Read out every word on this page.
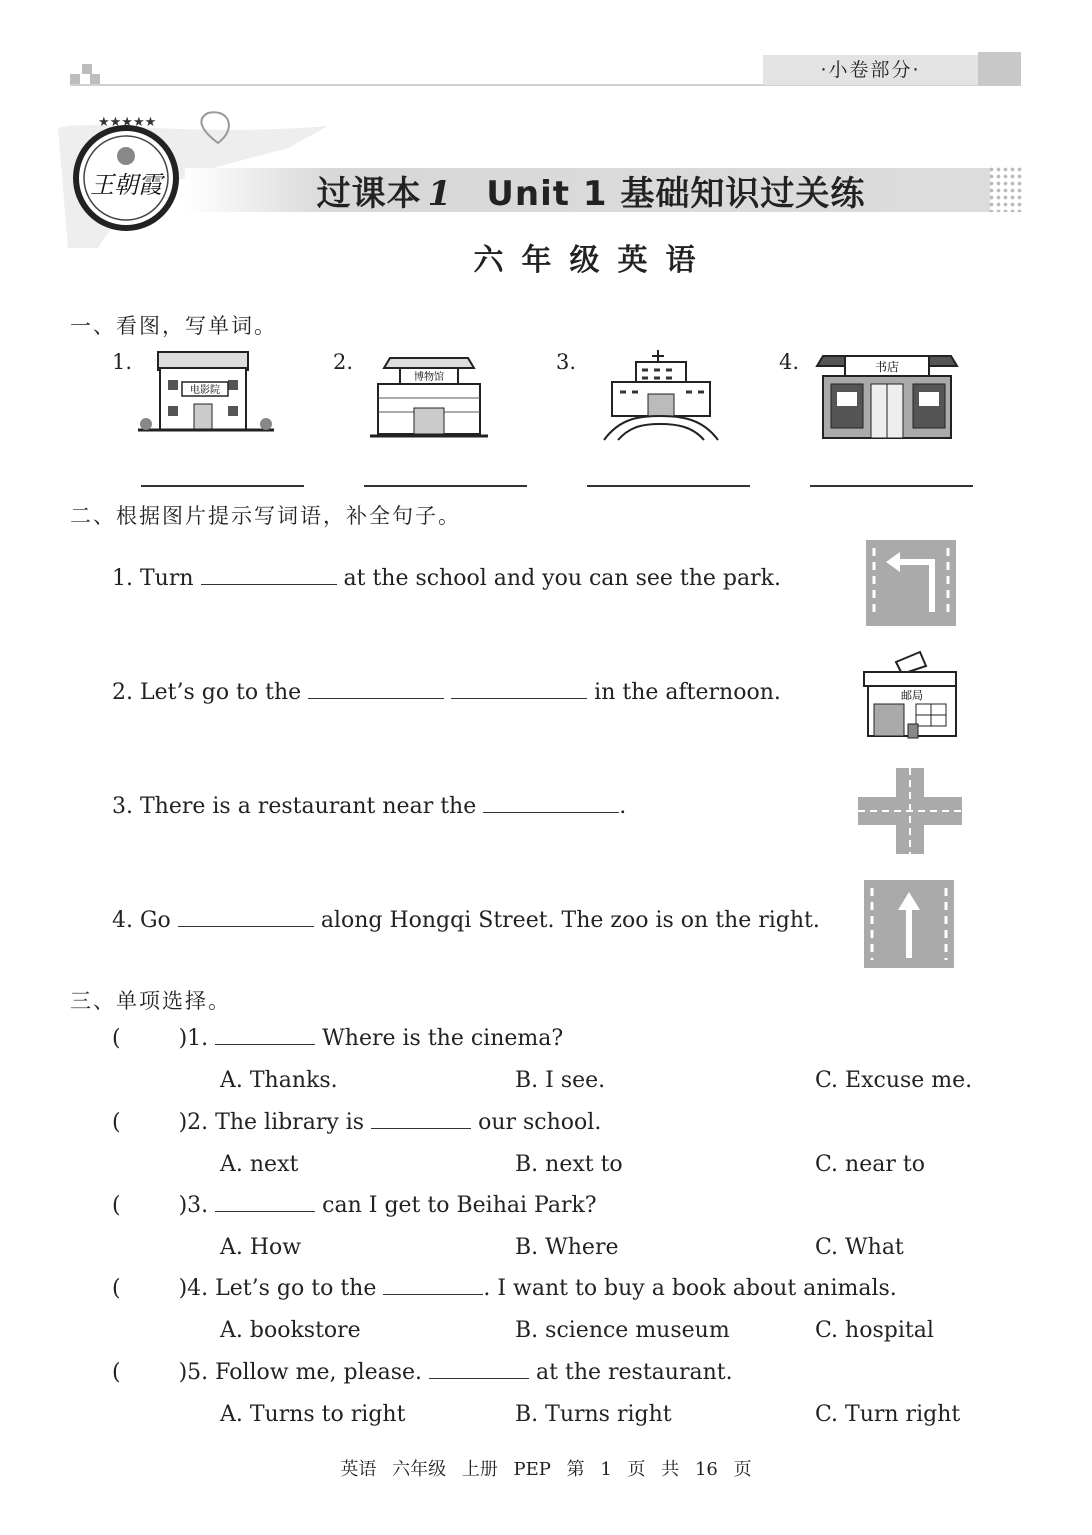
·小卷部分·
★★★★★
王朝霞	过课本 1 Unit 1 基础知识过关练
六年级英语
一、看图，写单词。
1.
电影院
2.
博物馆
3.	4.	书店
二、根据图片提示写词语，补全句子。
1. Turn	at the school and you can see the park.
2. Let’s go to the	in the afternoon.	邮局
3. There is a restaurant near the	.
4. Go	along Hongqi Street. The zoo is on the right.
三、单项选择。
(	)1.	Where is the cinema?
A. Thanks.	B. I see.	C. Excuse me.
(	)2. The library is	our school.
A. next	B. next to	C. near to
(	)3.	can I get to Beihai Park?
A. How	B. Where	C. What
(	)4. Let’s go to the	. I want to buy a book about animals.
A. bookstore	B. science museum	C. hospital
(	)5. Follow me, please.	at the restaurant.
A. Turns to right	B. Turns right	C. Turn right
英语 六年级 上册 PEP 第 1 页 共 16 页
